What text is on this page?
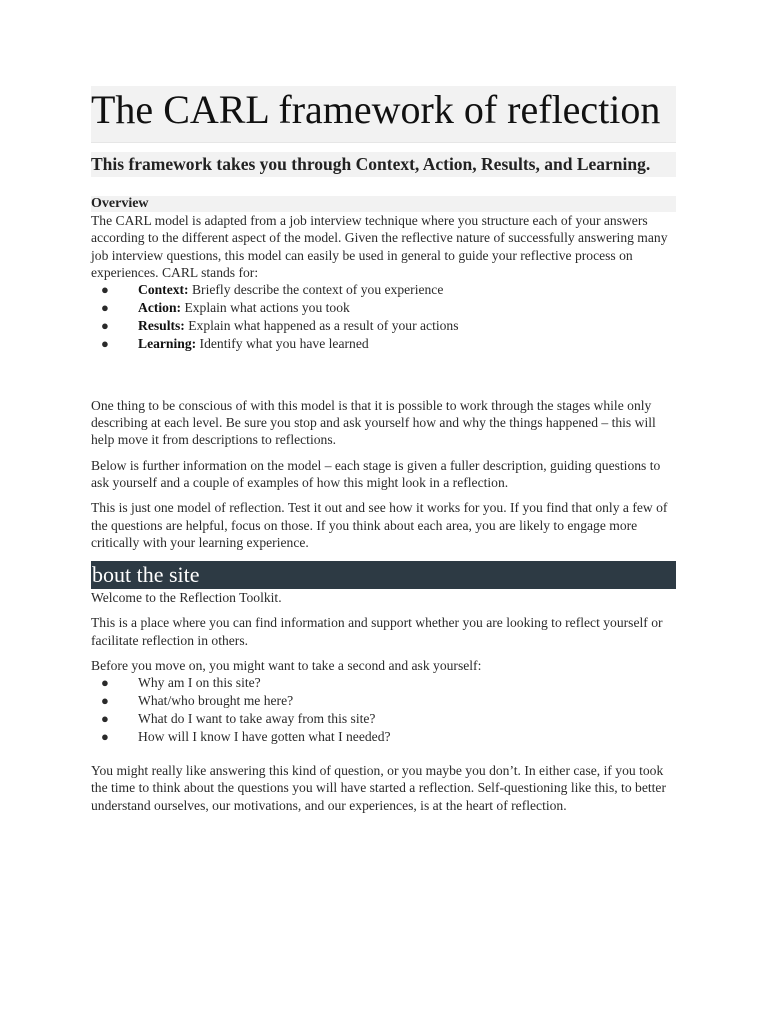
The CARL framework of reflection
This framework takes you through Context, Action, Results, and Learning.
Overview

The CARL model is adapted from a job interview technique where you structure each of your answers according to the different aspect of the model. Given the reflective nature of successfully answering many job interview questions, this model can easily be used in general to guide your reflective process on experiences. CARL stands for:

● Context: Briefly describe the context of you experience
● Action: Explain what actions you took
● Results: Explain what happened as a result of your actions
● Learning: Identify what you have learned

One thing to be conscious of with this model is that it is possible to work through the stages while only describing at each level. Be sure you stop and ask yourself how and why the things happened – this will help move it from descriptions to reflections.

Below is further information on the model – each stage is given a fuller description, guiding questions to ask yourself and a couple of examples of how this might look in a reflection.

This is just one model of reflection. Test it out and see how it works for you. If you find that only a few of the questions are helpful, focus on those. If you think about each area, you are likely to engage more critically with your learning experience.

bout the site

Welcome to the Reflection Toolkit.

This is a place where you can find information and support whether you are looking to reflect yourself or facilitate reflection in others.

Before you move on, you might want to take a second and ask yourself:

● Why am I on this site?
● What/who brought me here?
● What do I want to take away from this site?
● How will I know I have gotten what I needed?

You might really like answering this kind of question, or you maybe you don’t. In either case, if you took the time to think about the questions you will have started a reflection. Self-questioning like this, to better understand ourselves, our motivations, and our experiences, is at the heart of reflection.
